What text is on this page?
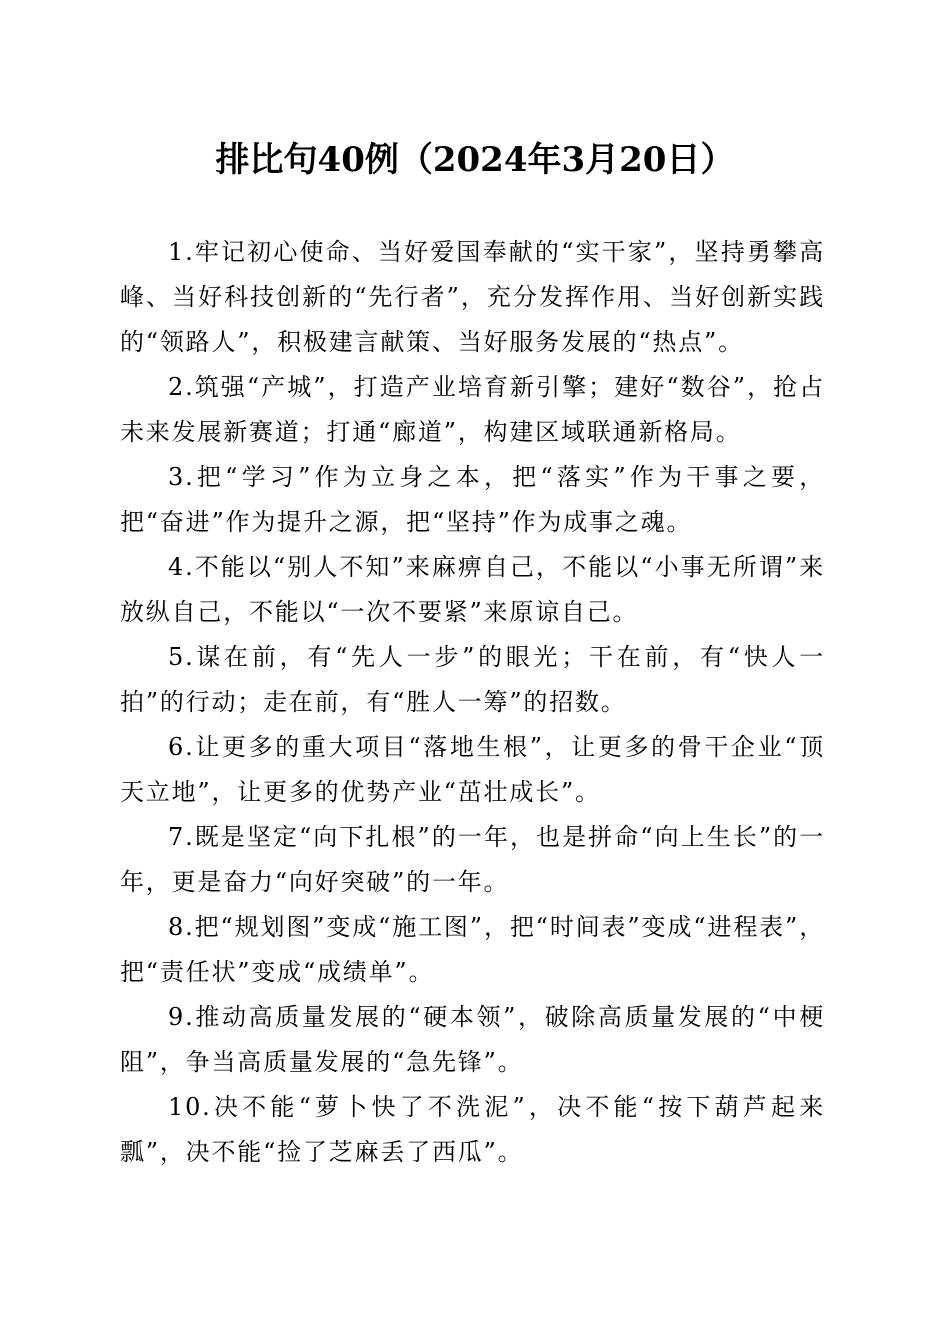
排比句40例（2024年3月20日）

1.牢记初心使命、当好爱国奉献的“实干家”，坚持勇攀高峰、当好科技创新的“先行者”，充分发挥作用、当好创新实践的“领路人”，积极建言献策、当好服务发展的“热点”。

2.筑强“产城”，打造产业培育新引擎；建好“数谷”，抢占未来发展新赛道；打通“廊道”，构建区域联通新格局。

3.把“学习”作为立身之本，把“落实”作为干事之要，把“奋进”作为提升之源，把“坚持”作为成事之魂。

4.不能以“别人不知”来麻痹自己，不能以“小事无所谓”来放纵自己，不能以“一次不要紧”来原谅自己。

5.谋在前，有“先人一步”的眼光；干在前，有“快人一拍”的行动；走在前，有“胜人一筹”的招数。

6.让更多的重大项目“落地生根”，让更多的骨干企业“顶天立地”，让更多的优势产业“茁壮成长”。

7.既是坚定“向下扎根”的一年，也是拼命“向上生长”的一年，更是奋力“向好突破”的一年。

8.把“规划图”变成“施工图”，把“时间表”变成“进程表”，把“责任状”变成“成绩单”。

9.推动高质量发展的“硬本领”，破除高质量发展的“中梗阻”，争当高质量发展的“急先锋”。

10.决不能“萝卜快了不洗泥”，决不能“按下葫芦起来瓢”，决不能“捡了芝麻丢了西瓜”。
